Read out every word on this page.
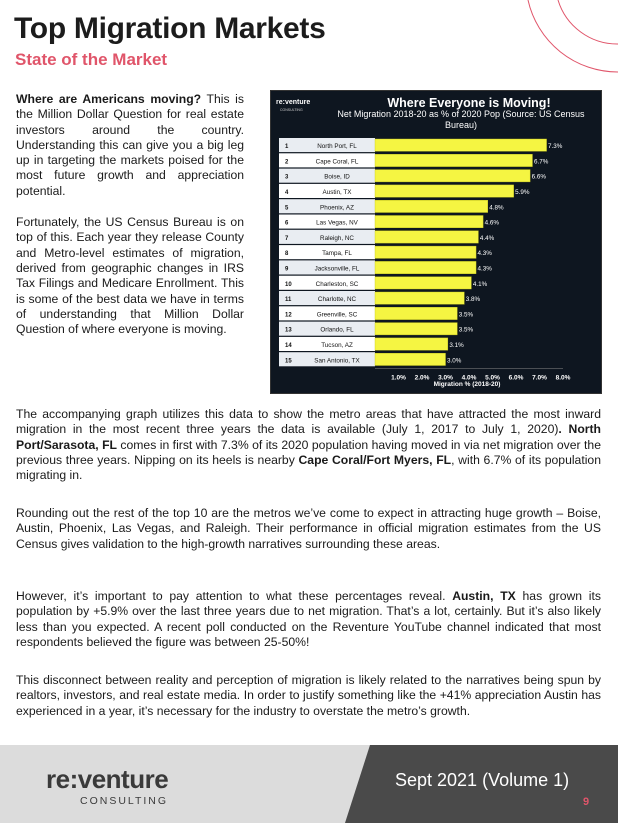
Top Migration Markets
State of the Market

Where are Americans moving? This is the Million Dollar Question for real estate investors around the country. Understanding this can give you a big leg up in targeting the markets poised for the most future growth and appreciation potential.

Fortunately, the US Census Bureau is on top of this. Each year they release County and Metro-level estimates of migration, derived from geographic changes in IRS Tax Filings and Medicare Enrollment. This is some of the best data we have in terms of understanding that Million Dollar Question of where everyone is moving.

re:venture
CONSULTING	Where Everyone is Moving!
Net Migration 2018-20 as % of 2020 Pop (Source: US Census Bureau)
1	North Port, FL	7.3%
2	Cape Coral, FL	6.7%
3	Boise, ID	6.6%
4	Austin, TX	5.9%
5	Phoenix, AZ	4.8%
6	Las Vegas, NV	4.6%
7	Raleigh, NC	4.4%
8	Tampa, FL	4.3%
9	Jacksonville, FL	4.3%
10	Charleston, SC	4.1%
11	Charlotte, NC	3.8%
12	Greenville, SC	3.5%
13	Orlando, FL	3.5%
14	Tucson, AZ	3.1%
15	San Antonio, TX	3.0%
1.0% 2.0% 3.0% 4.0% 5.0% 6.0% 7.0% 8.0%
Migration % (2018-20)

The accompanying graph utilizes this data to show the metro areas that have attracted the most inward migration in the most recent three years the data is available (July 1, 2017 to July 1, 2020). North Port/Sarasota, FL comes in first with 7.3% of its 2020 population having moved in via net migration over the previous three years. Nipping on its heels is nearby Cape Coral/Fort Myers, FL, with 6.7% of its population migrating in.

Rounding out the rest of the top 10 are the metros we’ve come to expect in attracting huge growth – Boise, Austin, Phoenix, Las Vegas, and Raleigh. Their performance in official migration estimates from the US Census gives validation to the high-growth narratives surrounding these areas.

However, it’s important to pay attention to what these percentages reveal. Austin, TX has grown its population by +5.9% over the last three years due to net migration. That’s a lot, certainly. But it’s also likely less than you expected. A recent poll conducted on the Reventure YouTube channel indicated that most respondents believed the figure was between 25-50%!

This disconnect between reality and perception of migration is likely related to the narratives being spun by realtors, investors, and real estate media. In order to justify something like the +41% appreciation Austin has experienced in a year, it’s necessary for the industry to overstate the metro’s growth.

re:venture
CONSULTING
Sept 2021 (Volume 1)
9
